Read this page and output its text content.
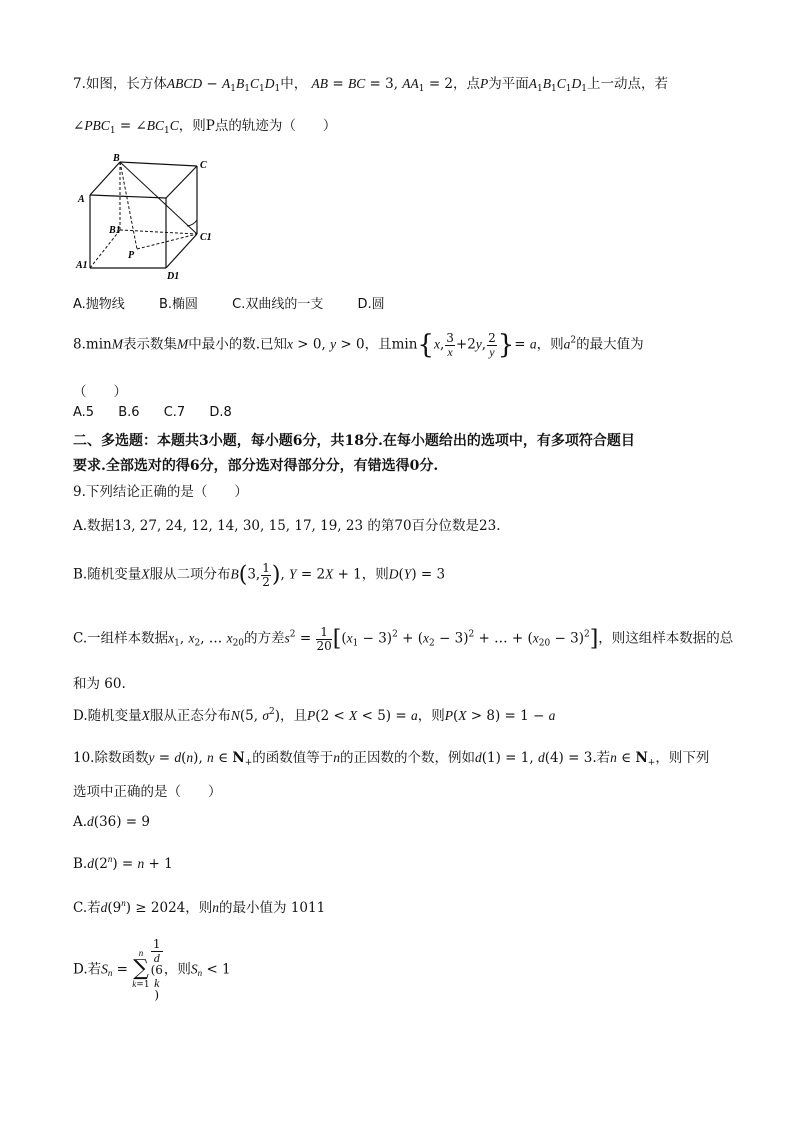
7.如图，长方体ABCD − $A_1B_1C_1D_1$中， AB = BC = 3, $AA_1 = 2$，点P为平面$A_1B_1C_1D_1$上一动点，若
$\angle PBC_1$ = $\angle BC_1C$，则P点的轨迹为（　　）
B
C
A
B1
C1
A1
P
D1
A.抛物线	B.椭圆	C.双曲线的一支	D.圆
8.minM表示数集M中最小的数.已知x > 0, y > 0，且min{x, $\frac{3}{x} +2y$, $\frac{2}{y}$ }= a，则$a^2$的最大值为
（　　）
A.5 B.6 C.7 D.8
二、多选题：本题共3小题，每小题6分，共18分.在每小题给出的选项中，有多项符合题目
要求.全部选对的得6分，部分选对得部分分，有错选得0分.
9.下列结论正确的是（　　）
A.数据13, 27, 24, 12, 14, 30, 15, 17, 19, 23 的第70百分位数是23.
B.随机变量X服从二项分布B(3, $\frac{1}{2}$ ), Y = 2X + 1，则D(Y) = 3
C.一组样本数据$x_1$, $x_2$, … $x_{20}$的方差$s^2 = \frac{1}{20} [(x_1 - 3)^2 + (x_2 - 3)^2$ + … + $(x_{20} - 3)^2$]，则这组样本数据的总
和为 60.
D.随机变量X服从正态分布N(5, $\sigma^2$)，且P(2 < X < 5) = a，则P(X > 8) = 1 − a
10.除数函数y = d(n), n ∈ $N_+$的函数值等于n的正因数的个数，例如d(1) = 1, d(4) = 3.若n ∈ $N_+$，则下列
选项中正确的是（　　）
A.d(36) = 9
$B.d(2^n) = n + 1$
C.若$d(9^n) \ge 2024$，则n的最小值为 1011
D.若$S_n$ =
n
∑
k=1 1
d
(6
k
) ，则$S_n < 1$
